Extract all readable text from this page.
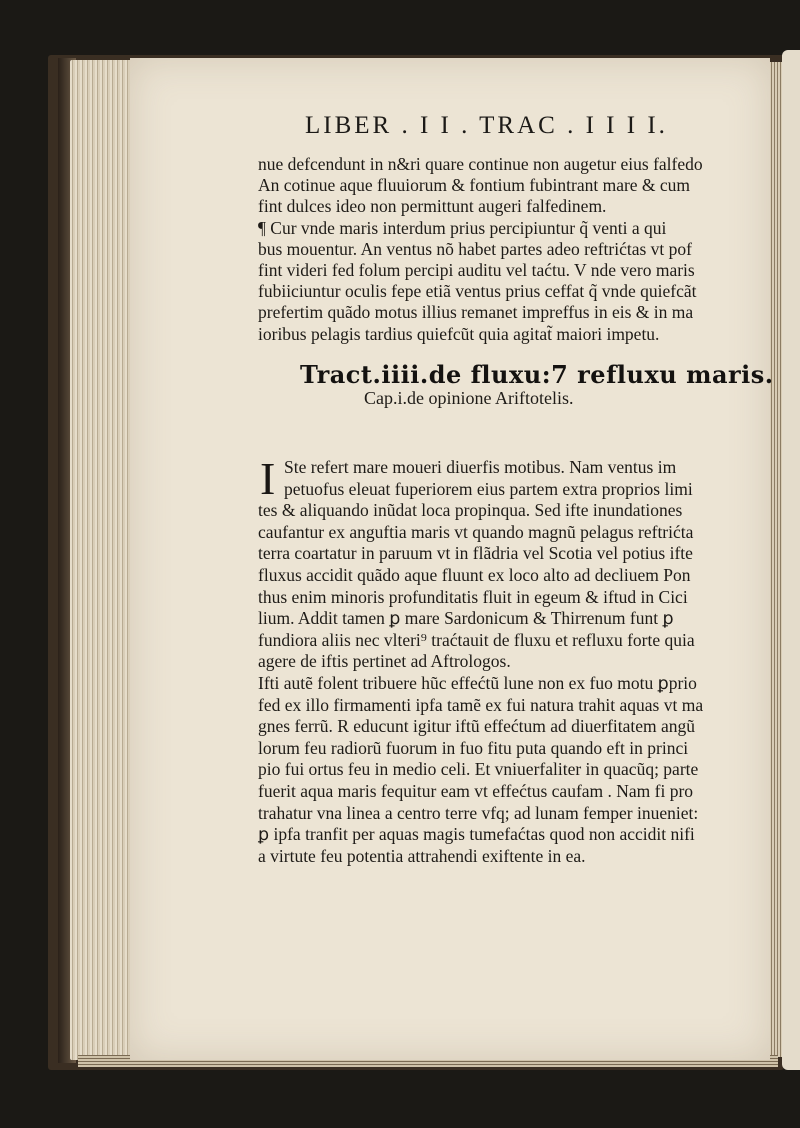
LIBER . I I . TRAC . I I I I.
nue defcendunt in n&ri quare continue non augetur eius falfedo
An cotinue aque fluuiorum & fontium fubintrant mare & cum
fint dulces ideo non permittunt augeri falfedinem.
¶ Cur vnde maris interdum prius percipiuntur q̃ venti a qui
bus mouentur. An ventus nõ habet partes adeo reftrićtas vt pof
fint videri fed folum percipi auditu vel taćtu. V nde vero maris
fubiiciuntur oculis fepe etiã ventus prius ceffat q̃ vnde quiefcãt
prefertim quãdo motus illius remanet impreffus in eis & in ma
ioribus pelagis tardius quiefcũt quia agitat̃ maiori impetu.
Tract.iiii.de fluxu:7 refluxu maris.
Cap.i.de opinione Ariftotelis.
I Ste refert mare moueri diuerfis motibus. Nam ventus im
petuofus eleuat fuperiorem eius partem extra proprios limi
tes & aliquando inũdat loca propinqua. Sed ifte inundationes
caufantur ex anguftia maris vt quando magnũ pelagus reftrićta
terra coartatur in paruum vt in flãdria vel Scotia vel potius ifte
fluxus accidit quãdo aque fluunt ex loco alto ad decliuem Pon
thus enim minoris profunditatis fluit in egeum & iftud in Cici
lium. Addit tamen ꝑ mare Sardonicum & Thirrenum funt ꝑ
fundiora aliis nec vlteri⁹ traćtauit de fluxu et refluxu forte quia
agere de iftis pertinet ad Aftrologos.
Ifti autẽ folent tribuere hũc effećtũ lune non ex fuo motu ꝑprio
fed ex illo firmamenti ipfa tamẽ ex fui natura trahit aquas vt ma
gnes ferrũ. R educunt igitur iftũ effećtum ad diuerfitatem angũ
lorum feu radiorũ fuorum in fuo fitu puta quando eft in princi
pio fui ortus feu in medio celi. Et vniuerfaliter in quacũq; parte
fuerit aqua maris fequitur eam vt effećtus caufam . Nam fi pro
trahatur vna linea a centro terre vfq; ad lunam femper inueniet:
ꝑ ipfa tranfit per aquas magis tumefaćtas quod non accidit nifi
a virtute feu potentia attrahendi exiftente in ea.
